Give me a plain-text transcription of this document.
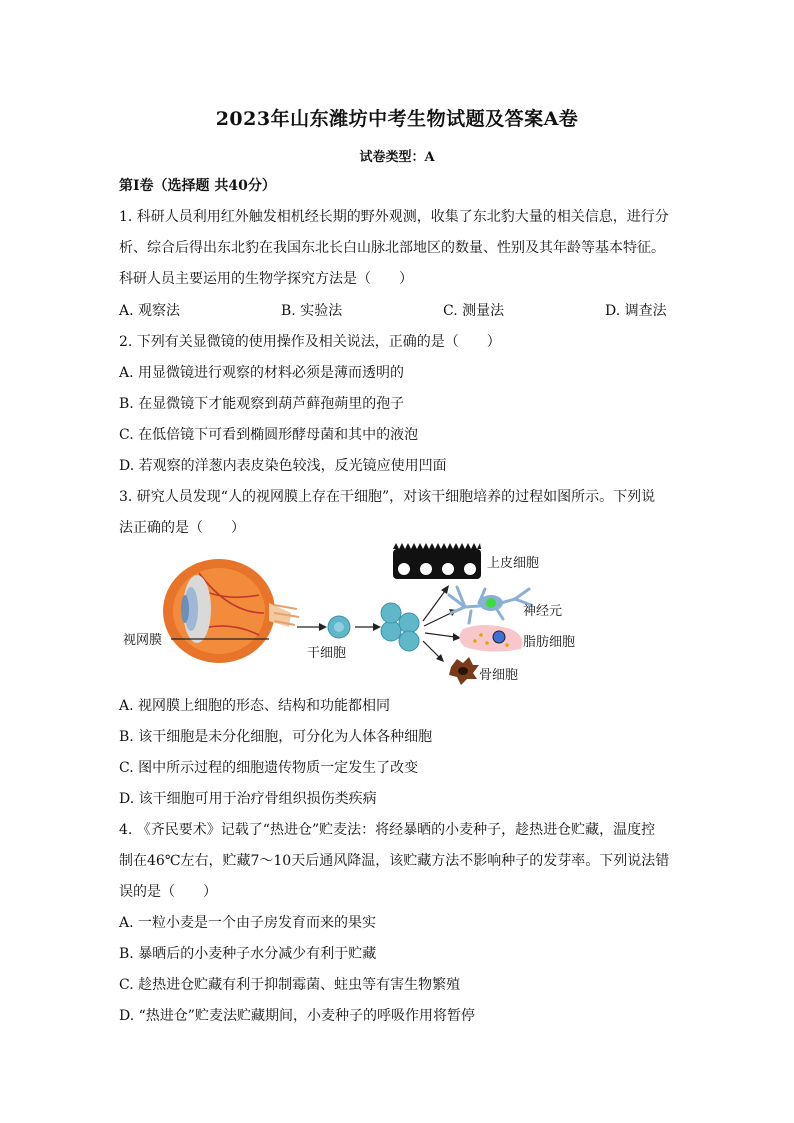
2023年山东潍坊中考生物试题及答案A卷
试卷类型：A
第Ⅰ卷（选择题 共40分）
1. 科研人员利用红外触发相机经长期的野外观测，收集了东北豹大量的相关信息，进行分
析、综合后得出东北豹在我国东北长白山脉北部地区的数量、性别及其年龄等基本特征。
科研人员主要运用的生物学探究方法是（　　）
A. 观察法	B. 实验法	C. 测量法	D. 调查法
2. 下列有关显微镜的使用操作及相关说法，正确的是（　　）
A. 用显微镜进行观察的材料必须是薄而透明的
B. 在显微镜下才能观察到葫芦藓孢蒴里的孢子
C. 在低倍镜下可看到椭圆形酵母菌和其中的液泡
D. 若观察的洋葱内表皮染色较浅，反光镜应使用凹面
3. 研究人员发现“人的视网膜上存在干细胞”，对该干细胞培养的过程如图所示。下列说
法正确的是（　　）
视网膜
干细胞
上皮细胞
神经元
脂肪细胞
骨细胞
A. 视网膜上细胞的形态、结构和功能都相同
B. 该干细胞是未分化细胞，可分化为人体各种细胞
C. 图中所示过程的细胞遗传物质一定发生了改变
D. 该干细胞可用于治疗骨组织损伤类疾病
4. 《齐民要术》记载了“热进仓”贮麦法：将经暴晒的小麦种子，趁热进仓贮藏，温度控
制在46℃左右，贮藏7～10天后通风降温，该贮藏方法不影响种子的发芽率。下列说法错
误的是（　　）
A. 一粒小麦是一个由子房发育而来的果实
B. 暴晒后的小麦种子水分减少有利于贮藏
C. 趁热进仓贮藏有利于抑制霉菌、蛀虫等有害生物繁殖
D. “热进仓”贮麦法贮藏期间，小麦种子的呼吸作用将暂停
